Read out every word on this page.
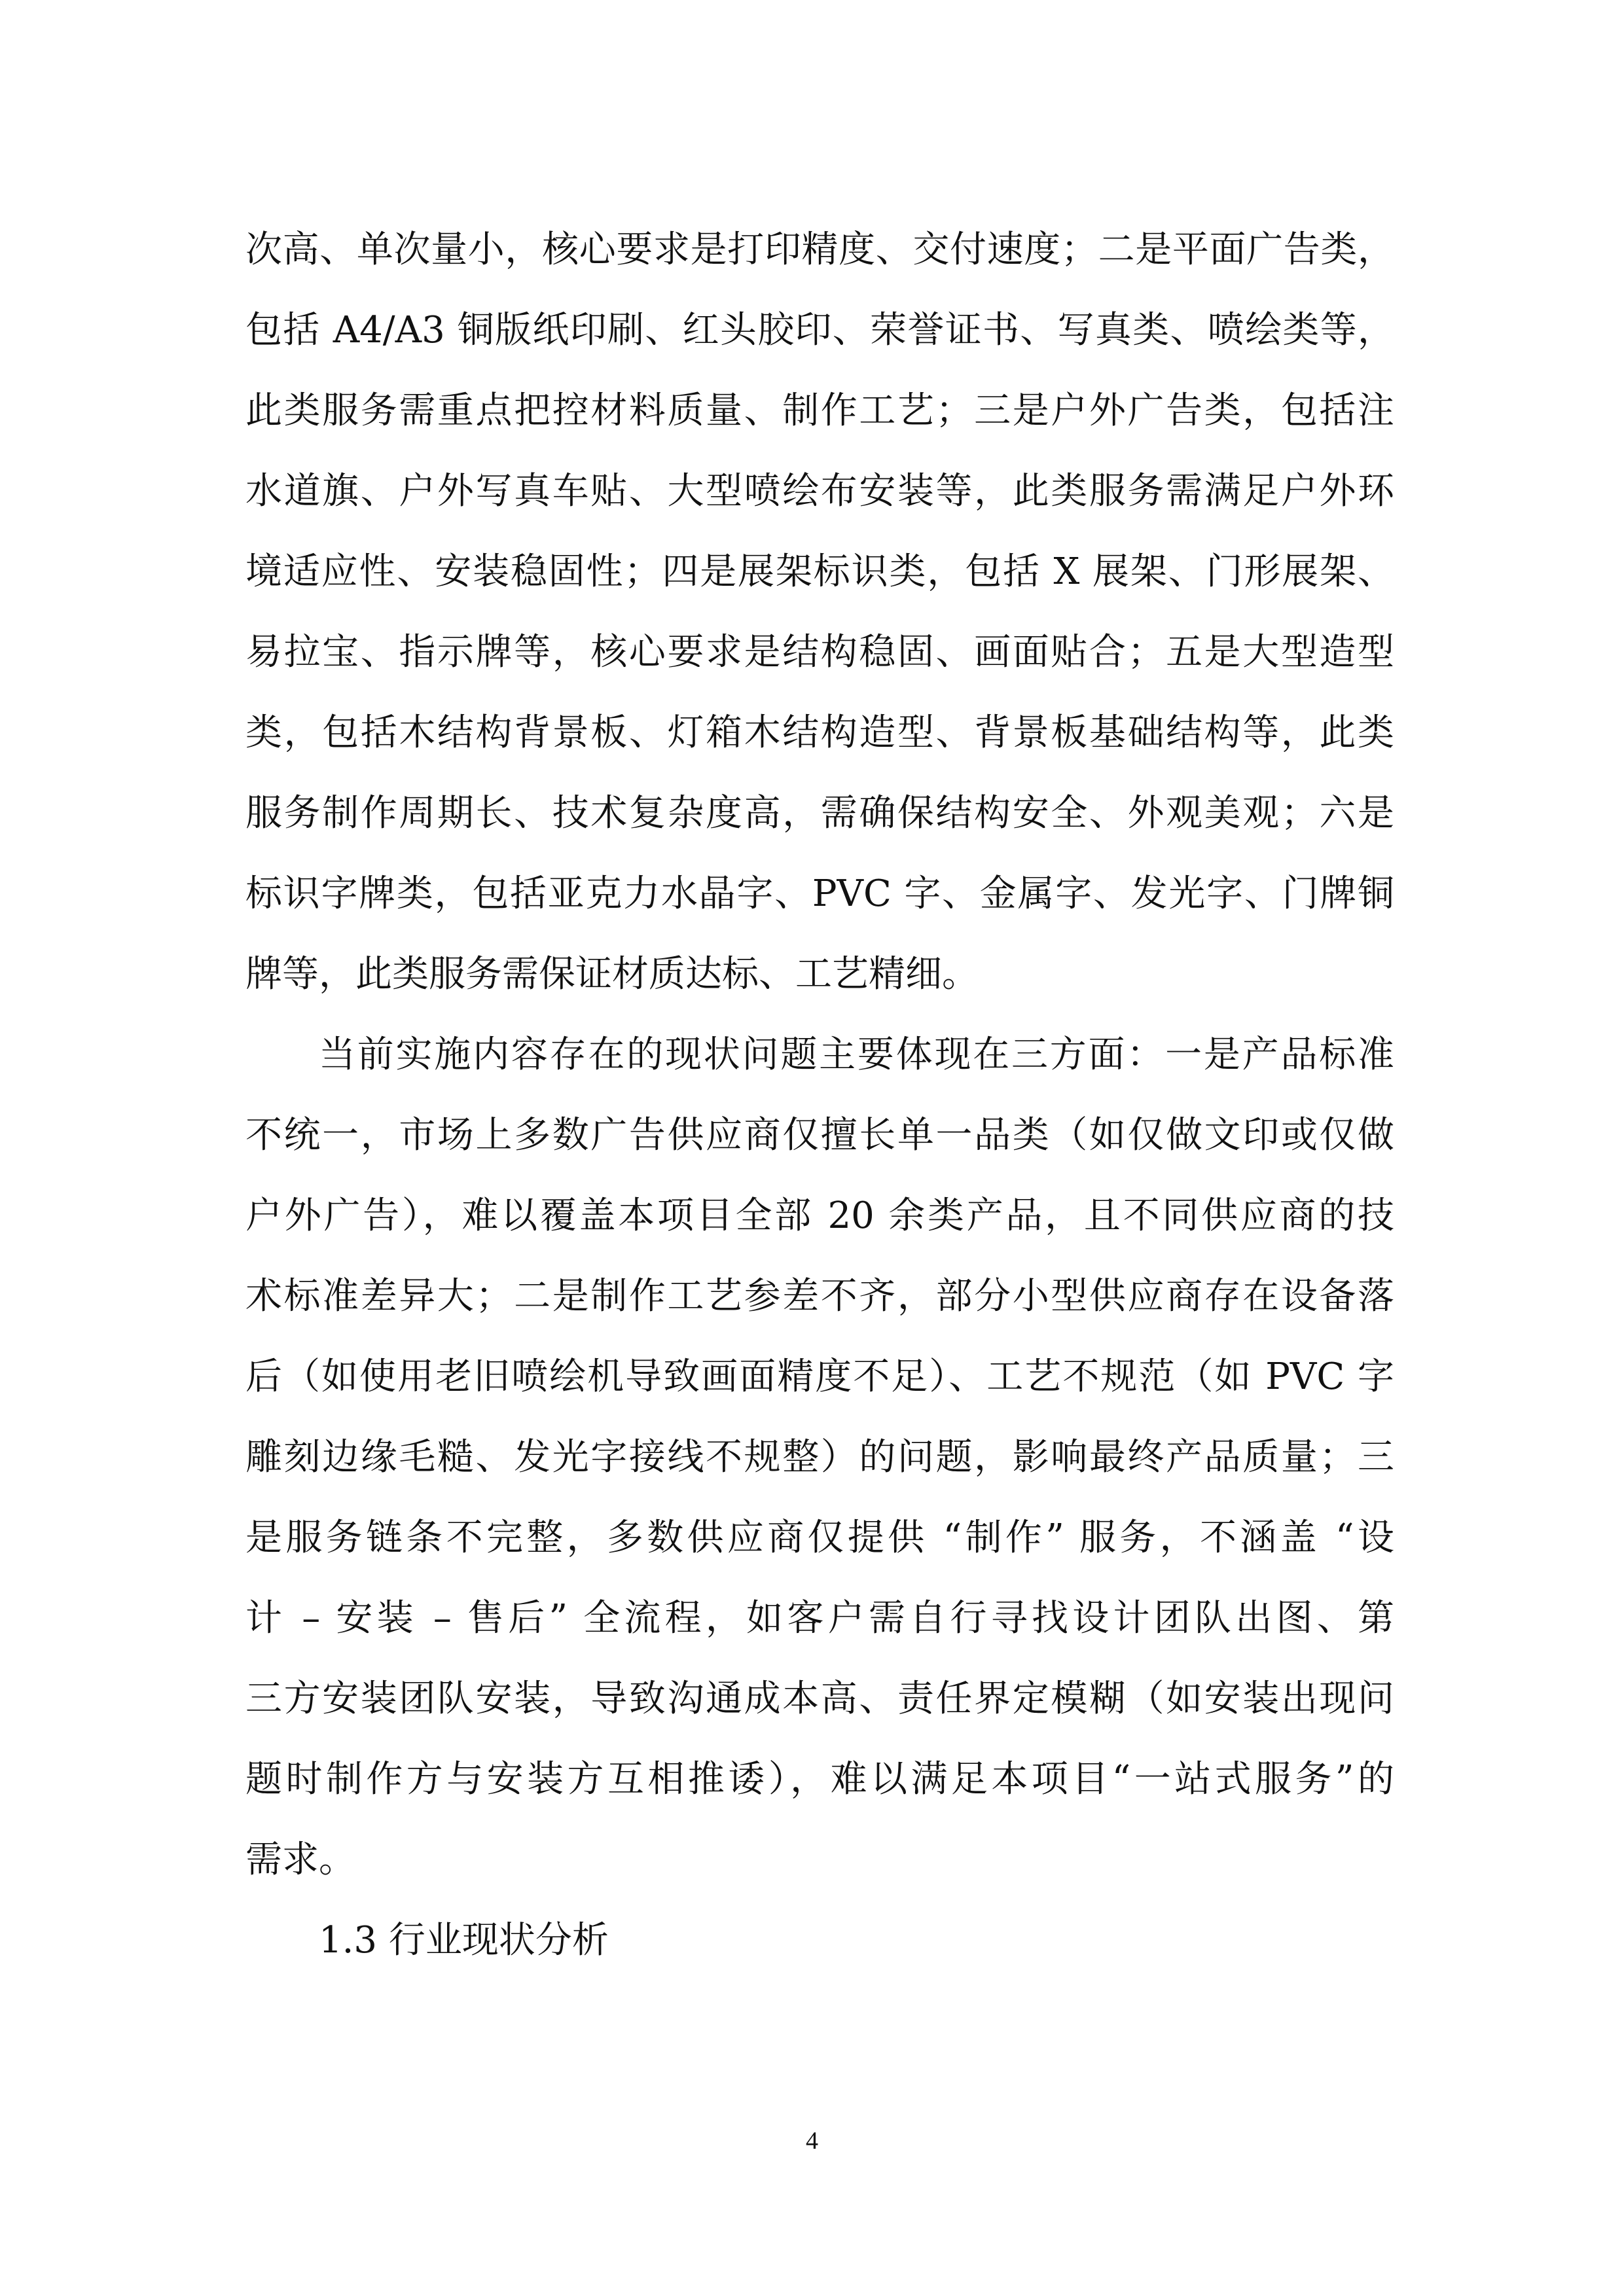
次高、单次量小，核心要求是打印精度、交付速度；二是平面广告类，
包括 A4/A3 铜版纸印刷、红头胶印、荣誉证书、写真类、喷绘类等，
此类服务需重点把控材料质量、制作工艺；三是户外广告类，包括注
水道旗、户外写真车贴、大型喷绘布安装等，此类服务需满足户外环
境适应性、安装稳固性；四是展架标识类，包括 X 展架、门形展架、
易拉宝、指示牌等，核心要求是结构稳固、画面贴合；五是大型造型
类，包括木结构背景板、灯箱木结构造型、背景板基础结构等，此类
服务制作周期长、技术复杂度高，需确保结构安全、外观美观；六是
标识字牌类，包括亚克力水晶字、PVC 字、金属字、发光字、门牌铜
牌等，此类服务需保证材质达标、工艺精细。
当前实施内容存在的现状问题主要体现在三方面：一是产品标准
不统一，市场上多数广告供应商仅擅长单一品类（如仅做文印或仅做
户外广告），难以覆盖本项目全部 20 余类产品，且不同供应商的技
术标准差异大；二是制作工艺参差不齐，部分小型供应商存在设备落
后（如使用老旧喷绘机导致画面精度不足）、工艺不规范（如 PVC 字
雕刻边缘毛糙、发光字接线不规整）的问题，影响最终产品质量；三
是服务链条不完整，多数供应商仅提供 “制作” 服务，不涵盖 “设
计 – 安装 – 售后” 全流程，如客户需自行寻找设计团队出图、第
三方安装团队安装，导致沟通成本高、责任界定模糊（如安装出现问
题时制作方与安装方互相推诿），难以满足本项目“一站式服务”的
需求。
1.3 行业现状分析
4
